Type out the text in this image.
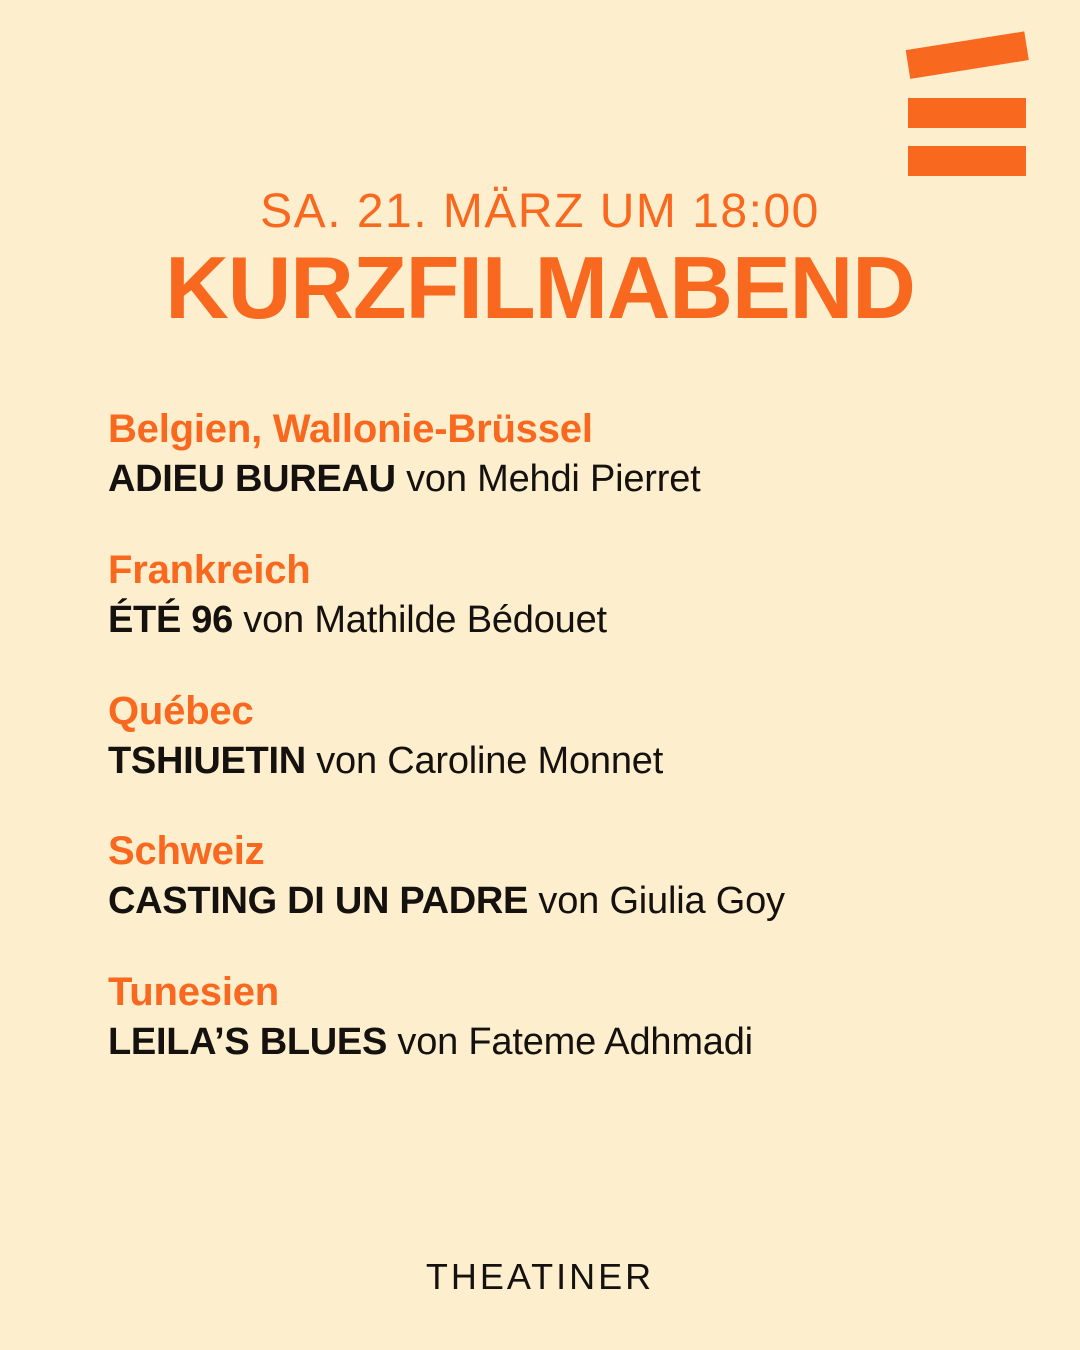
SA. 21. MÄRZ UM 18:00
KURZFILMABEND
Belgien, Wallonie-Brüssel
ADIEU BUREAU von Mehdi Pierret
Frankreich
ÉTÉ 96 von Mathilde Bédouet
Québec
TSHIUETIN von Caroline Monnet
Schweiz
CASTING DI UN PADRE von Giulia Goy
Tunesien
LEILA’S BLUES von Fateme Adhmadi
THEATINER
